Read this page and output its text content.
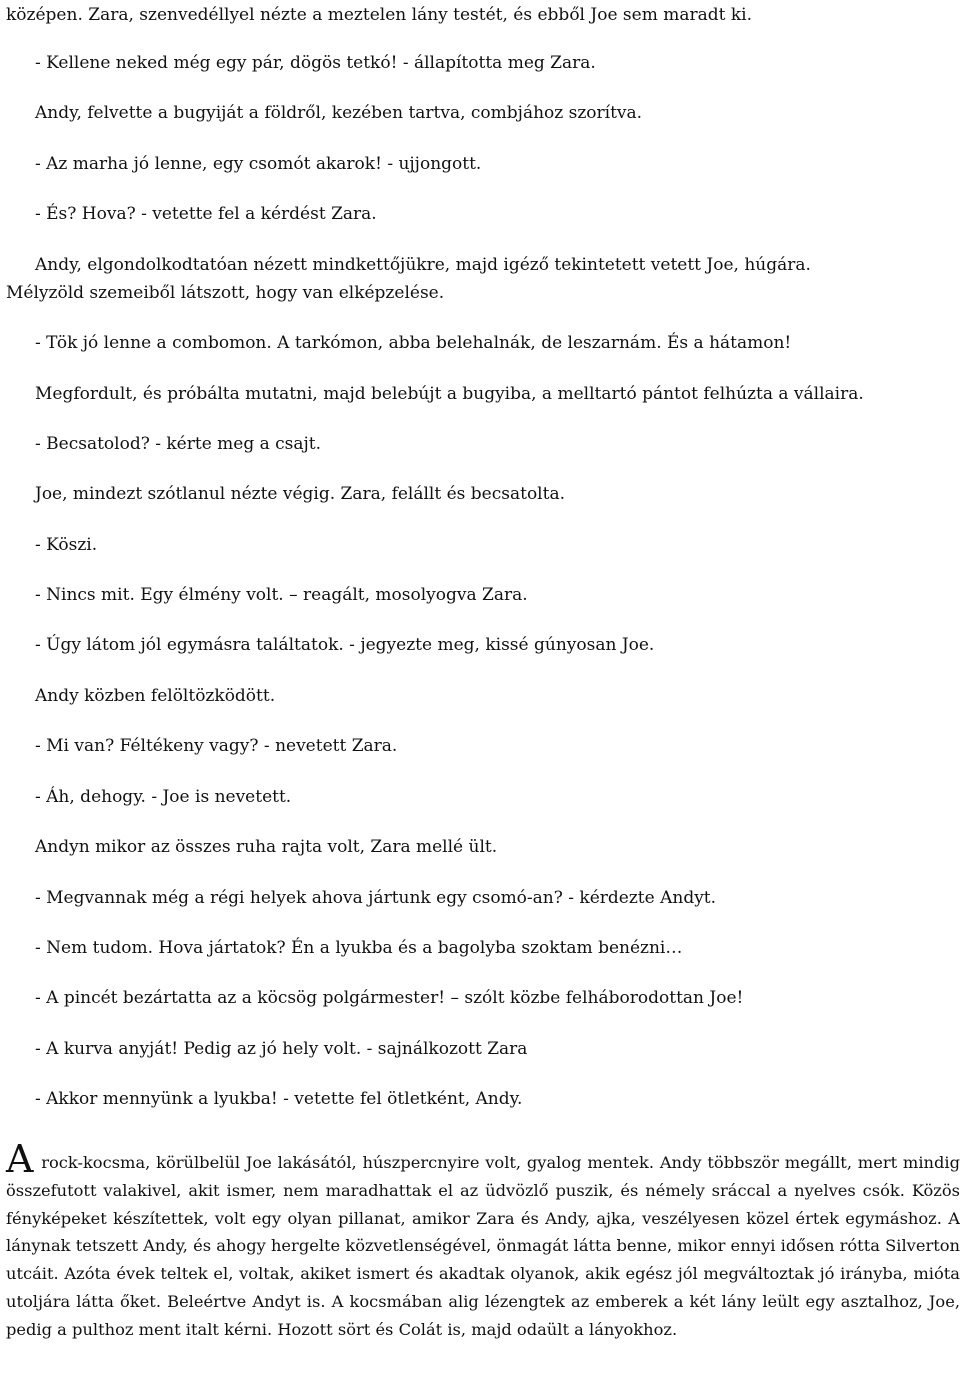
középen. Zara, szenvedéllyel nézte a meztelen lány testét, és ebből Joe sem maradt ki.
- Kellene neked még egy pár, dögös tetkó! - állapította meg Zara.
Andy, felvette a bugyiját a földről, kezében tartva, combjához szorítva.
- Az marha jó lenne, egy csomót akarok! - ujjongott.
- És? Hova? - vetette fel a kérdést Zara.
Andy, elgondolkodtatóan nézett mindkettőjükre, majd igéző tekintetett vetett Joe, húgára.
Mélyzöld szemeiből látszott, hogy van elképzelése.
- Tök jó lenne a combomon. A tarkómon, abba belehalnák, de leszarnám. És a hátamon!
Megfordult, és próbálta mutatni, majd belebújt a bugyiba, a melltartó pántot felhúzta a vállaira.
- Becsatolod? - kérte meg a csajt.
Joe, mindezt szótlanul nézte végig. Zara, felállt és becsatolta.
- Köszi.
- Nincs mit. Egy élmény volt. – reagált, mosolyogva Zara.
- Úgy látom jól egymásra találtatok. - jegyezte meg, kissé gúnyosan Joe.
Andy közben felöltözködött.
- Mi van? Féltékeny vagy? - nevetett Zara.
- Áh, dehogy. - Joe is nevetett.
Andyn mikor az összes ruha rajta volt, Zara mellé ült.
- Megvannak még a régi helyek ahova jártunk egy csomó-an? - kérdezte Andyt.
- Nem tudom. Hova jártatok? Én a lyukba és a bagolyba szoktam benézni…
- A pincét bezártatta az a köcsög polgármester! – szólt közbe felháborodottan Joe!
- A kurva anyját! Pedig az jó hely volt. - sajnálkozott Zara
- Akkor mennyünk a lyukba! - vetette fel ötletként, Andy.
A rock-kocsma, körülbelül Joe lakásától, húszpercnyire volt, gyalog mentek. Andy többször megállt, mert mindig összefutott valakivel, akit ismer, nem maradhattak el az üdvözlő puszik, és némely sráccal a nyelves csók. Közös fényképeket készítettek, volt egy olyan pillanat, amikor Zara és Andy, ajka, veszélyesen közel értek egymáshoz. A lánynak tetszett Andy, és ahogy hergelte közvetlenségével, önmagát látta benne, mikor ennyi idősen rótta Silverton utcáit. Azóta évek teltek el, voltak, akiket ismert és akadtak olyanok, akik egész jól megváltoztak jó irányba, mióta utoljára látta őket. Beleértve Andyt is. A kocsmában alig lézengtek az emberek a két lány leült egy asztalhoz, Joe, pedig a pulthoz ment italt kérni. Hozott sört és Colát is, majd odaült a lányokhoz.
